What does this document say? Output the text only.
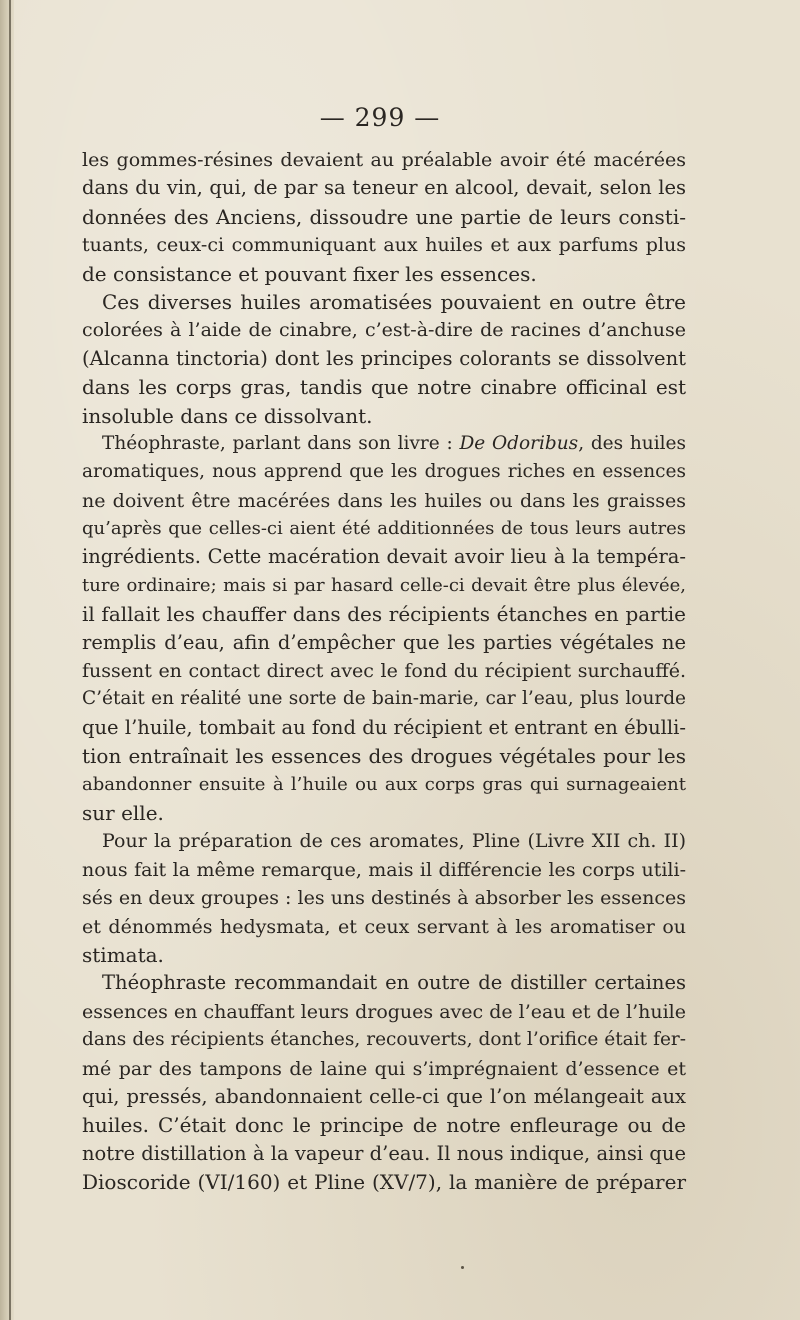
— 299 —
les gommes-résines devaient au préalable avoir été macérées
dans du vin, qui, de par sa teneur en alcool, devait, selon les
données des Anciens, dissoudre une partie de leurs consti-
tuants, ceux-ci communiquant aux huiles et aux parfums plus
de consistance et pouvant fixer les essences.
Ces diverses huiles aromatisées pouvaient en outre être
colorées à l’aide de cinabre, c’est-à-dire de racines d’anchuse
(Alcanna tinctoria) dont les principes colorants se dissolvent
dans les corps gras, tandis que notre cinabre officinal est
insoluble dans ce dissolvant.
Théophraste, parlant dans son livre : De Odoribus, des huiles
aromatiques, nous apprend que les drogues riches en essences
ne doivent être macérées dans les huiles ou dans les graisses
qu’après que celles-ci aient été additionnées de tous leurs autres
ingrédients. Cette macération devait avoir lieu à la tempéra-
ture ordinaire; mais si par hasard celle-ci devait être plus élevée,
il fallait les chauffer dans des récipients étanches en partie
remplis d’eau, afin d’empêcher que les parties végétales ne
fussent en contact direct avec le fond du récipient surchauffé.
C’était en réalité une sorte de bain-marie, car l’eau, plus lourde
que l’huile, tombait au fond du récipient et entrant en ébulli-
tion entraînait les essences des drogues végétales pour les
abandonner ensuite à l’huile ou aux corps gras qui surnageaient
sur elle.
Pour la préparation de ces aromates, Pline (Livre XII ch. II)
nous fait la même remarque, mais il différencie les corps utili-
sés en deux groupes : les uns destinés à absorber les essences
et dénommés hedysmata, et ceux servant à les aromatiser ou
stimata.
Théophraste recommandait en outre de distiller certaines
essences en chauffant leurs drogues avec de l’eau et de l’huile
dans des récipients étanches, recouverts, dont l’orifice était fer-
mé par des tampons de laine qui s’imprégnaient d’essence et
qui, pressés, abandonnaient celle-ci que l’on mélangeait aux
huiles. C’était donc le principe de notre enfleurage ou de
notre distillation à la vapeur d’eau. Il nous indique, ainsi que
Dioscoride (VI/160) et Pline (XV/7), la manière de préparer
